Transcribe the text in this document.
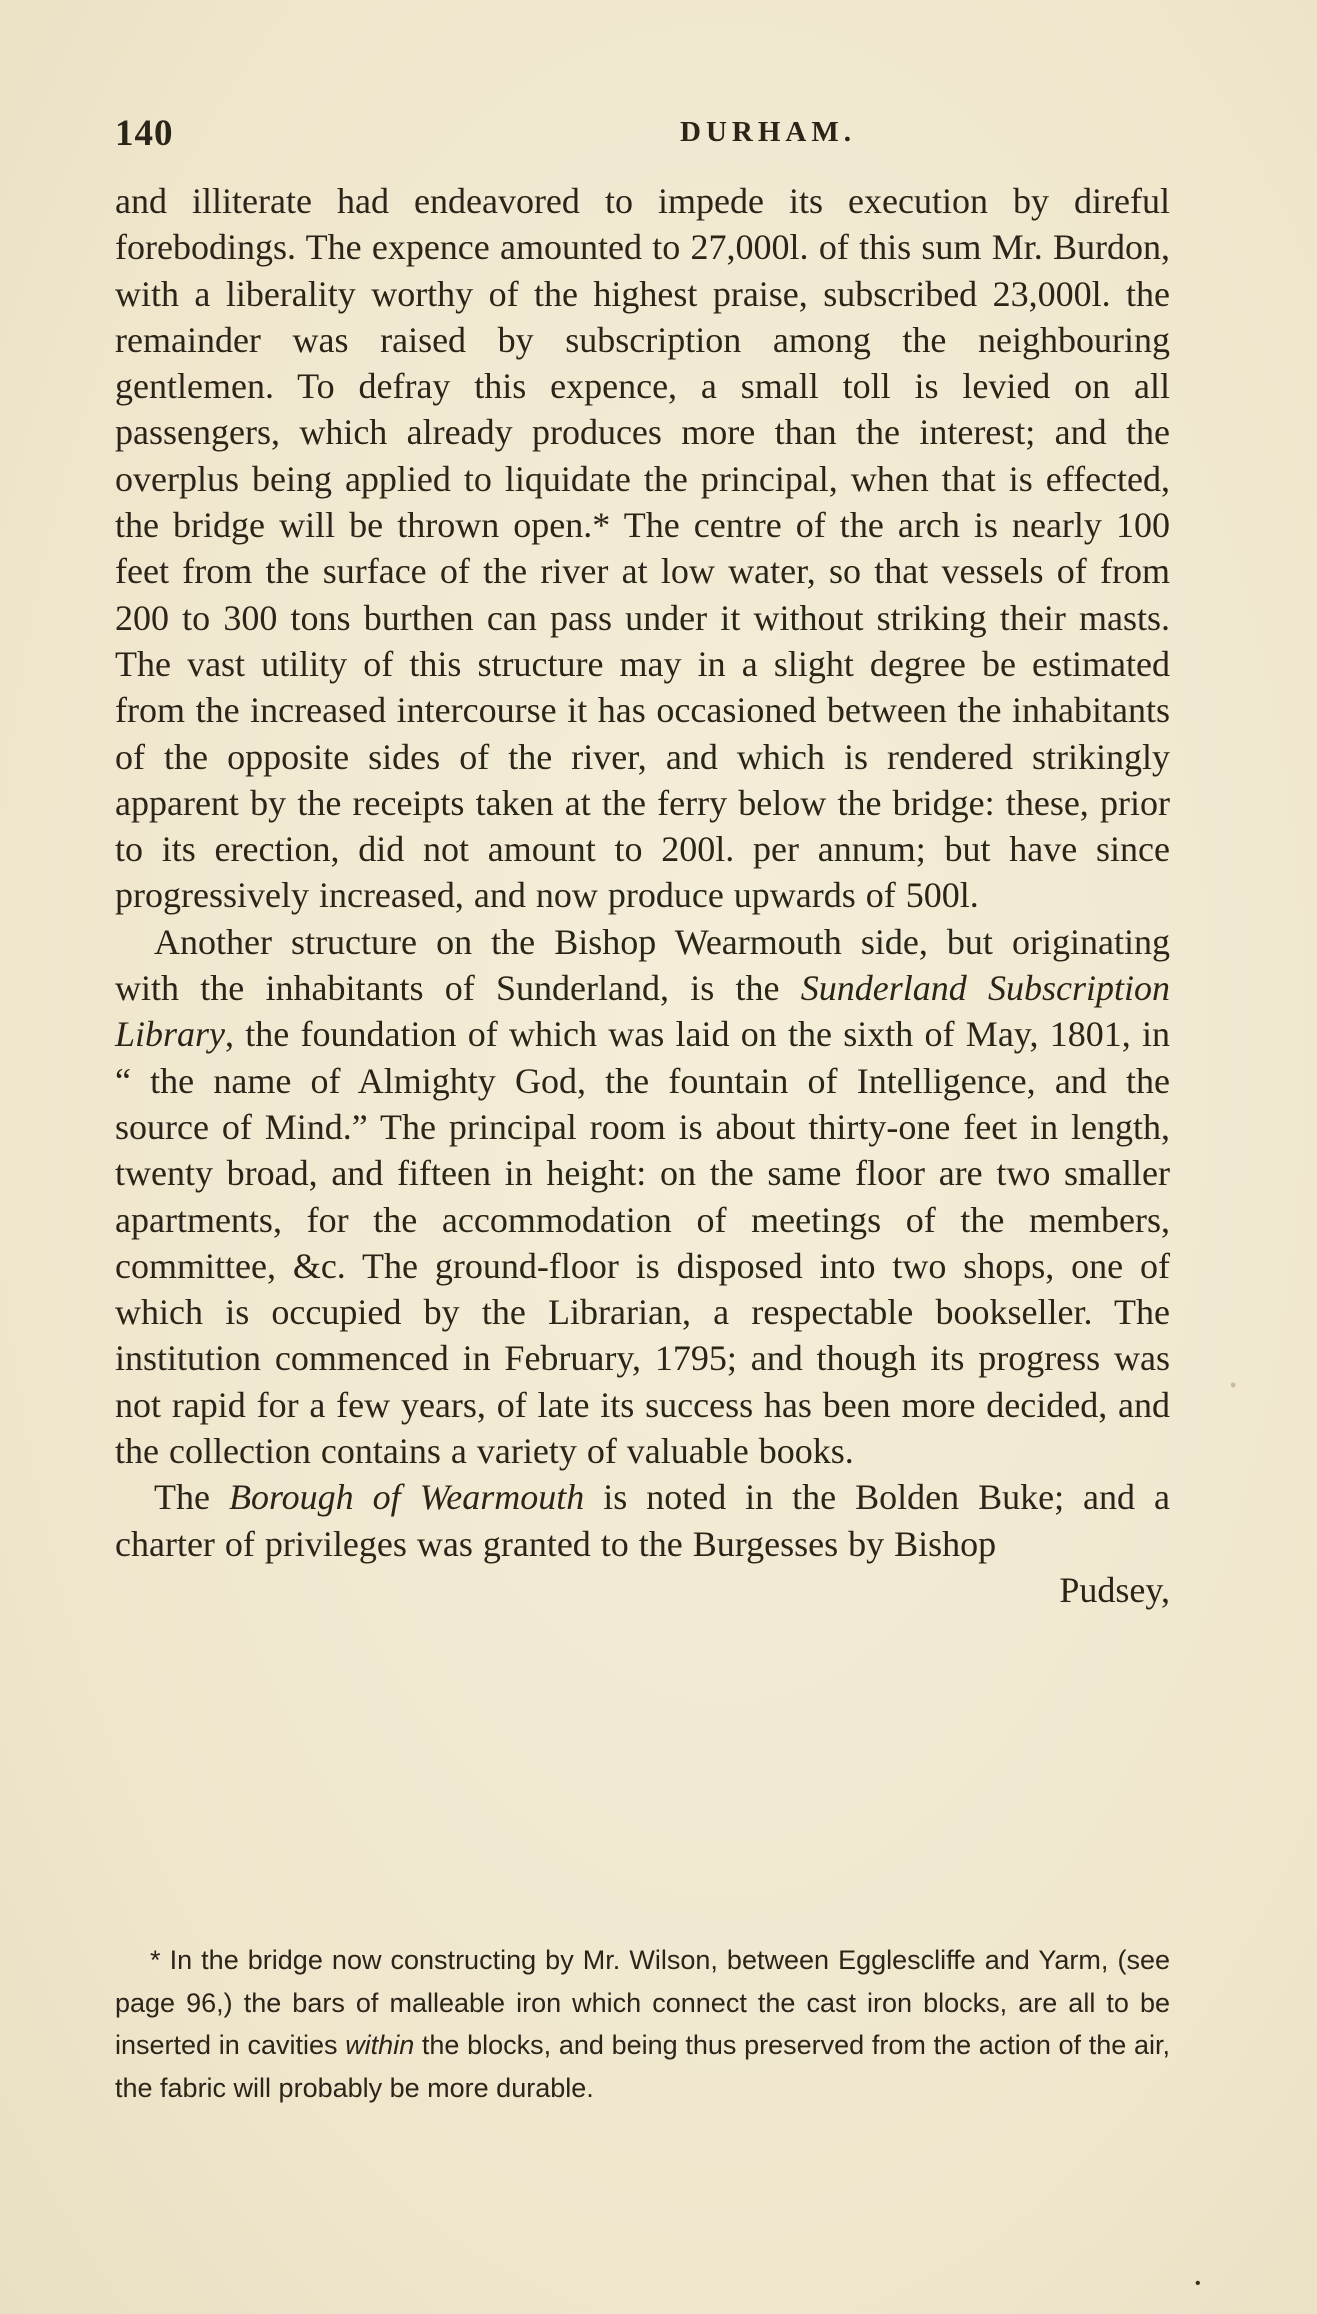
140	DURHAM.

and illiterate had endeavored to impede its execution by direful forebodings. The expence amounted to 27,000l. of this sum Mr. Burdon, with a liberality worthy of the highest praise, subscribed 23,000l. the remainder was raised by subscription among the neighbouring gentlemen. To defray this expence, a small toll is levied on all passengers, which already produces more than the interest; and the overplus being applied to liquidate the principal, when that is effected, the bridge will be thrown open.* The centre of the arch is nearly 100 feet from the surface of the river at low water, so that vessels of from 200 to 300 tons burthen can pass under it without striking their masts. The vast utility of this structure may in a slight degree be estimated from the increased intercourse it has occasioned between the inhabitants of the opposite sides of the river, and which is rendered strikingly apparent by the receipts taken at the ferry below the bridge: these, prior to its erection, did not amount to 200l. per annum; but have since progressively increased, and now produce upwards of 500l.

Another structure on the Bishop Wearmouth side, but originating with the inhabitants of Sunderland, is the Sunderland Subscription Library, the foundation of which was laid on the sixth of May, 1801, in “ the name of Almighty God, the fountain of Intelligence, and the source of Mind.” The principal room is about thirty-one feet in length, twenty broad, and fifteen in height: on the same floor are two smaller apartments, for the accommodation of meetings of the members, committee, &c. The ground-floor is disposed into two shops, one of which is occupied by the Librarian, a respectable bookseller. The institution commenced in February, 1795; and though its progress was not rapid for a few years, of late its success has been more decided, and the collection contains a variety of valuable books.

The Borough of Wearmouth is noted in the Bolden Buke; and a charter of privileges was granted to the Burgesses by Bishop

Pudsey,

* In the bridge now constructing by Mr. Wilson, between Egglescliffe and Yarm, (see page 96,) the bars of malleable iron which connect the cast iron blocks, are all to be inserted in cavities within the blocks, and being thus preserved from the action of the air, the fabric will probably be more durable.

•
•
